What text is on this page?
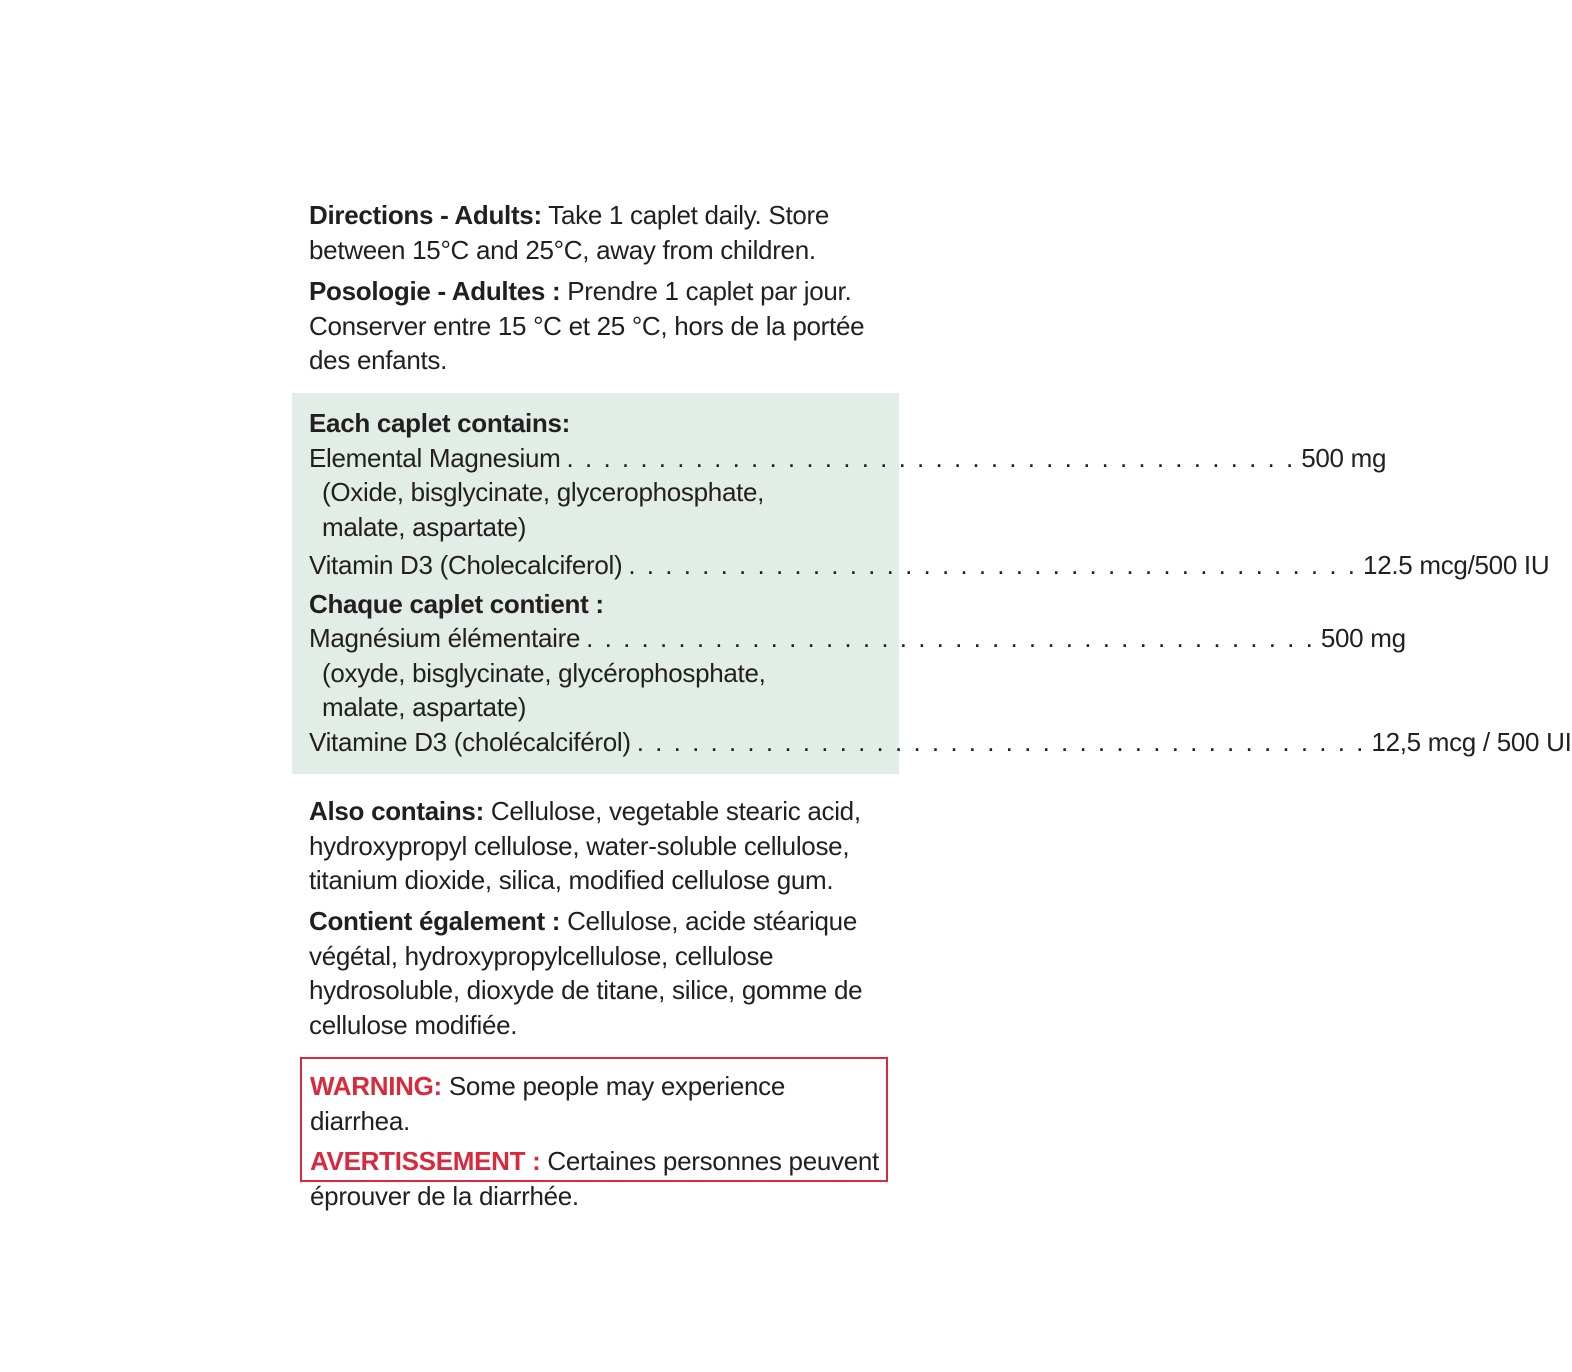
Directions - Adults: Take 1 caplet daily. Store between 15°C and 25°C, away from children.

Posologie - Adultes : Prendre 1 caplet par jour. Conserver entre 15 °C et 25 °C, hors de la portée des enfants.

Also contains: Cellulose, vegetable stearic acid, hydroxypropyl cellulose, water-soluble cellulose, titanium dioxide, silica, modified cellulose gum.

Contient également : Cellulose, acide stéarique végétal, hydroxypropylcellulose, cellulose hydrosoluble, dioxyde de titane, silice, gomme de cellulose modifiée.

Each caplet contains:
Elemental Magnesium . . . . . . . . . . . . . . . . . . . . . . . . . . . . . . . . . . . . . . . . 500 mg
(Oxide, bisglycinate, glycerophosphate,
malate, aspartate)
Vitamin D3 (Cholecalciferol) . . . . . . . . . . . . . . . . . . . . . . . . . . . . . . . . . . . . . . . . 12.5 mcg/500 IU
Chaque caplet contient :
Magnésium élémentaire . . . . . . . . . . . . . . . . . . . . . . . . . . . . . . . . . . . . . . . . 500 mg
(oxyde, bisglycinate, glycérophosphate,
malate, aspartate)
Vitamine D3 (cholécalciférol) . . . . . . . . . . . . . . . . . . . . . . . . . . . . . . . . . . . . . . . . 12,5 mcg / 500 UI

WARNING: Some people may experience diarrhea.

AVERTISSEMENT : Certaines personnes peuvent éprouver de la diarrhée.
